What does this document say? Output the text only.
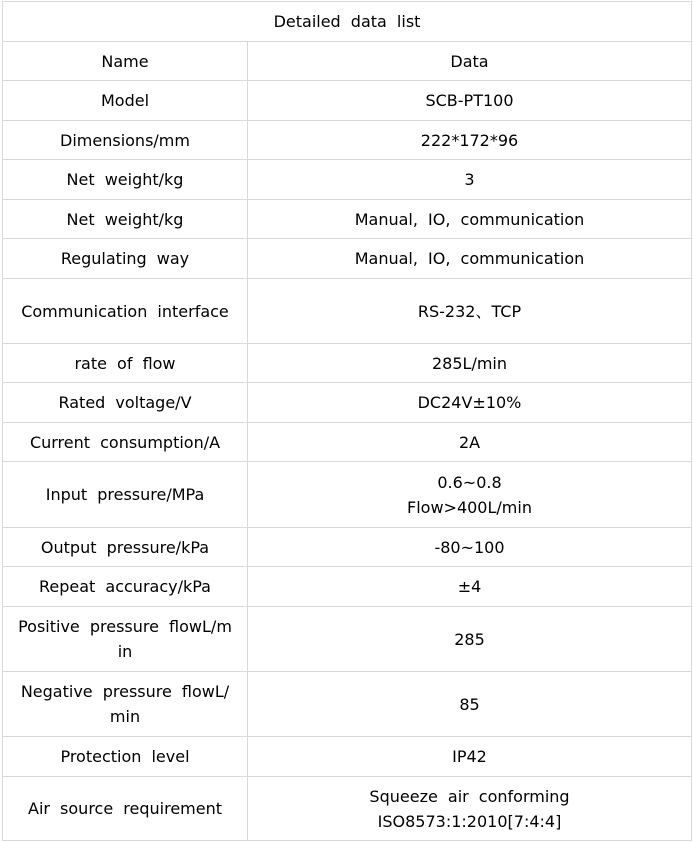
Detailed data list	
Name	Data

Model	SCB-PT100

Dimensions/mm	222*172*96

Net weight/kg	3

Net weight/kg	Manual, IO, communication

Regulating way	Manual, IO, communication

Communication interface	RS-232、TCP

rate of flow	285L/min

Rated voltage/V	DC24V±10%

Current consumption/A	2A

Input pressure/MPa	0.6~0.8
Flow>400L/min

Output pressure/kPa	-80~100

Repeat accuracy/kPa	±4

Positive pressure flowL/m
in	285

Negative pressure flowL/
min	85

Protection level	IP42

Air source requirement	Squeeze air conforming
ISO8573:1:2010[7:4:4]
